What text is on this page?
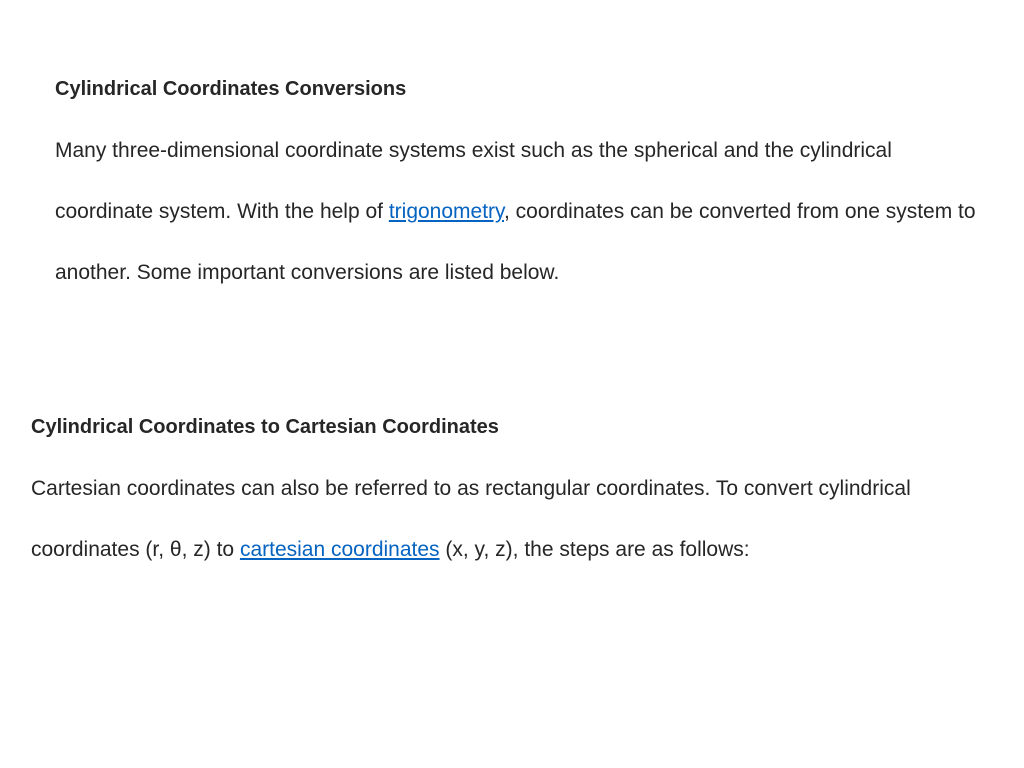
Cylindrical Coordinates Conversions

Many three-dimensional coordinate systems exist such as the spherical and the cylindrical coordinate system. With the help of trigonometry, coordinates can be converted from one system to another. Some important conversions are listed below.

Cylindrical Coordinates to Cartesian Coordinates

Cartesian coordinates can also be referred to as rectangular coordinates. To convert cylindrical coordinates (r, θ, z) to cartesian coordinates (x, y, z), the steps are as follows:
